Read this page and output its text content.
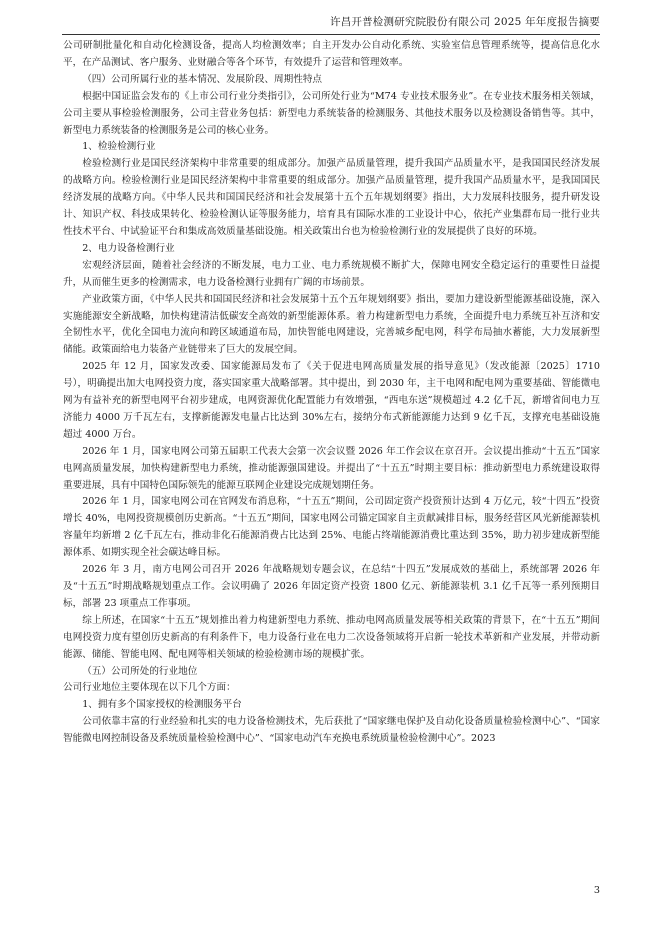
许昌开普检测研究院股份有限公司 2025 年年度报告摘要

公司研制批量化和自动化检测设备，提高人均检测效率；自主开发办公自动化系统、实验室信息管理系统等，提高信息化水平，在产品测试、客户服务、业财融合等各个环节，有效提升了运营和管理效率。

（四）公司所属行业的基本情况、发展阶段、周期性特点

根据中国证监会发布的《上市公司行业分类指引》，公司所处行业为“M74 专业技术服务业”。在专业技术服务相关领域，公司主要从事检验检测服务，公司主营业务包括：新型电力系统装备的检测服务、其他技术服务以及检测设备销售等。其中，新型电力系统装备的检测服务是公司的核心业务。

1、检验检测行业

检验检测行业是国民经济架构中非常重要的组成部分。加强产品质量管理，提升我国产品质量水平，是我国国民经济发展的战略方向。检验检测行业是国民经济架构中非常重要的组成部分。加强产品质量管理，提升我国产品质量水平，是我国国民经济发展的战略方向。《中华人民共和国国民经济和社会发展第十五个五年规划纲要》指出，大力发展科技服务，提升研发设计、知识产权、科技成果转化、检验检测认证等服务能力，培育具有国际水准的工业设计中心，依托产业集群布局一批行业共性技术平台、中试验证平台和集成高效质量基础设施。相关政策出台也为检验检测行业的发展提供了良好的环境。

2、电力设备检测行业

宏观经济层面，随着社会经济的不断发展，电力工业、电力系统规模不断扩大，保障电网安全稳定运行的重要性日益提升，从而催生更多的检测需求，电力设备检测行业拥有广阔的市场前景。

产业政策方面，《中华人民共和国国民经济和社会发展第十五个五年规划纲要》指出，要加力建设新型能源基础设施，深入实施能源安全新战略，加快构建清洁低碳安全高效的新型能源体系。着力构建新型电力系统，全面提升电力系统互补互济和安全韧性水平，优化全国电力流向和跨区域通道布局，加快智能电网建设，完善城乡配电网，科学布局抽水蓄能，大力发展新型储能。政策面给电力装备产业链带来了巨大的发展空间。

2025 年 12 月，国家发改委、国家能源局发布了《关于促进电网高质量发展的指导意见》（发改能源〔2025〕1710 号），明确提出加大电网投资力度，落实国家重大战略部署。其中提出，到 2030 年，主干电网和配电网为重要基础、智能微电网为有益补充的新型电网平台初步建成，电网资源优化配置能力有效增强，“西电东送”规模超过 4.2 亿千瓦，新增省间电力互济能力 4000 万千瓦左右，支撑新能源发电量占比达到 30%左右，接纳分布式新能源能力达到 9 亿千瓦，支撑充电基础设施超过 4000 万台。

2026 年 1 月，国家电网公司第五届职工代表大会第一次会议暨 2026 年工作会议在京召开。会议提出推动“十五五”国家电网高质量发展，加快构建新型电力系统，推动能源强国建设。并提出了“十五五”时期主要目标：推动新型电力系统建设取得重要进展，具有中国特色国际领先的能源互联网企业建设完成规划期任务。

2026 年 1 月，国家电网公司在官网发布消息称，“十五五”期间，公司固定资产投资预计达到 4 万亿元，较“十四五”投资增长 40%，电网投资规模创历史新高。“十五五”期间，国家电网公司锚定国家自主贡献减排目标，服务经营区风光新能源装机容量年均新增 2 亿千瓦左右，推动非化石能源消费占比达到 25%、电能占终端能源消费比重达到 35%，助力初步建成新型能源体系、如期实现全社会碳达峰目标。

2026 年 3 月，南方电网公司召开 2026 年战略规划专题会议，在总结“十四五”发展成效的基础上，系统部署 2026 年及“十五五”时期战略规划重点工作。会议明确了 2026 年固定资产投资 1800 亿元、新能源装机 3.1 亿千瓦等一系列预期目标，部署 23 项重点工作事项。

综上所述，在国家“十五五”规划推出着力构建新型电力系统、推动电网高质量发展等相关政策的背景下，在“十五五”期间电网投资力度有望创历史新高的有利条件下，电力设备行业在电力二次设备领域将开启新一轮技术革新和产业发展，并带动新能源、储能、智能电网、配电网等相关领域的检验检测市场的规模扩张。

（五）公司所处的行业地位

公司行业地位主要体现在以下几个方面：

1、拥有多个国家授权的检测服务平台

公司依靠丰富的行业经验和扎实的电力设备检测技术，先后获批了“国家继电保护及自动化设备质量检验检测中心”、“国家智能微电网控制设备及系统质量检验检测中心”、“国家电动汽车充换电系统质量检验检测中心”。2023

3
